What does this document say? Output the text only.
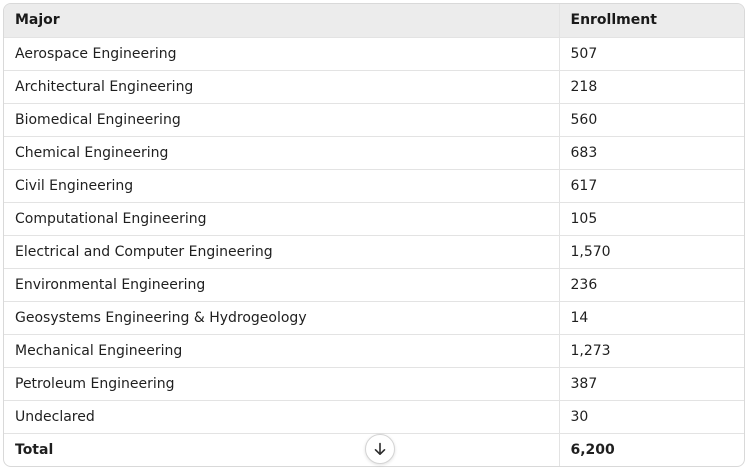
Major	Enrollment
Aerospace Engineering	507
Architectural Engineering	218
Biomedical Engineering	560
Chemical Engineering	683
Civil Engineering	617
Computational Engineering	105
Electrical and Computer Engineering	1,570
Environmental Engineering	236
Geosystems Engineering & Hydrogeology	14
Mechanical Engineering	1,273
Petroleum Engineering	387
Undeclared	30
Total	6,200
